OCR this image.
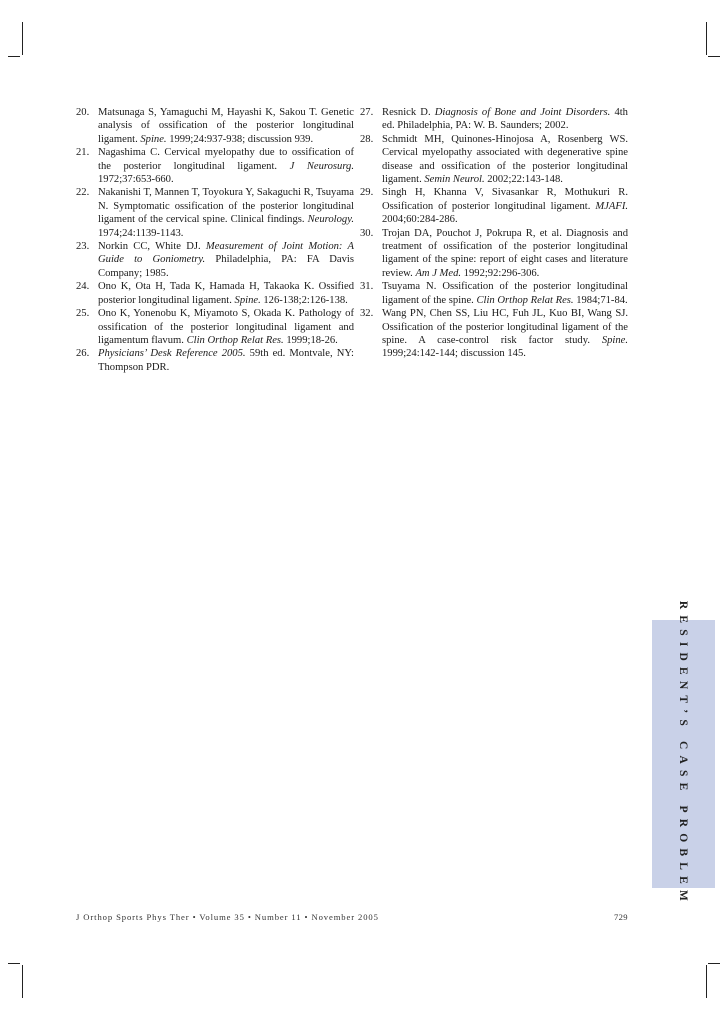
20. Matsunaga S, Yamaguchi M, Hayashi K, Sakou T. Genetic analysis of ossification of the posterior longitudinal ligament. Spine. 1999;24:937-938; discussion 939.

21. Nagashima C. Cervical myelopathy due to ossification of the posterior longitudinal ligament. J Neurosurg. 1972;37:653-660.

22. Nakanishi T, Mannen T, Toyokura Y, Sakaguchi R, Tsuyama N. Symptomatic ossification of the posterior longitudinal ligament of the cervical spine. Clinical findings. Neurology. 1974;24:1139-1143.

23. Norkin CC, White DJ. Measurement of Joint Motion: A Guide to Goniometry. Philadelphia, PA: FA Davis Company; 1985.

24. Ono K, Ota H, Tada K, Hamada H, Takaoka K. Ossified posterior longitudinal ligament. Spine. 126-138;2:126-138.

25. Ono K, Yonenobu K, Miyamoto S, Okada K. Pathology of ossification of the posterior longitudinal ligament and ligamentum flavum. Clin Orthop Relat Res. 1999;18-26.

26. Physicians’ Desk Reference 2005. 59th ed. Montvale, NY: Thompson PDR.

27. Resnick D. Diagnosis of Bone and Joint Disorders. 4th ed. Philadelphia, PA: W. B. Saunders; 2002.

28. Schmidt MH, Quinones-Hinojosa A, Rosenberg WS. Cervical myelopathy associated with degenerative spine disease and ossification of the posterior longitudinal ligament. Semin Neurol. 2002;22:143-148.

29. Singh H, Khanna V, Sivasankar R, Mothukuri R. Ossification of posterior longitudinal ligament. MJAFI. 2004;60:284-286.

30. Trojan DA, Pouchot J, Pokrupa R, et al. Diagnosis and treatment of ossification of the posterior longitudinal ligament of the spine: report of eight cases and literature review. Am J Med. 1992;92:296-306.

31. Tsuyama N. Ossification of the posterior longitudinal ligament of the spine. Clin Orthop Relat Res. 1984;71-84.

32. Wang PN, Chen SS, Liu HC, Fuh JL, Kuo BI, Wang SJ. Ossification of the posterior longitudinal ligament of the spine. A case-control risk factor study. Spine. 1999;24:142-144; discussion 145.

RESIDENT’S CASE PROBLEM
J Orthop Sports Phys Ther • Volume 35 • Number 11 • November 2005	729
